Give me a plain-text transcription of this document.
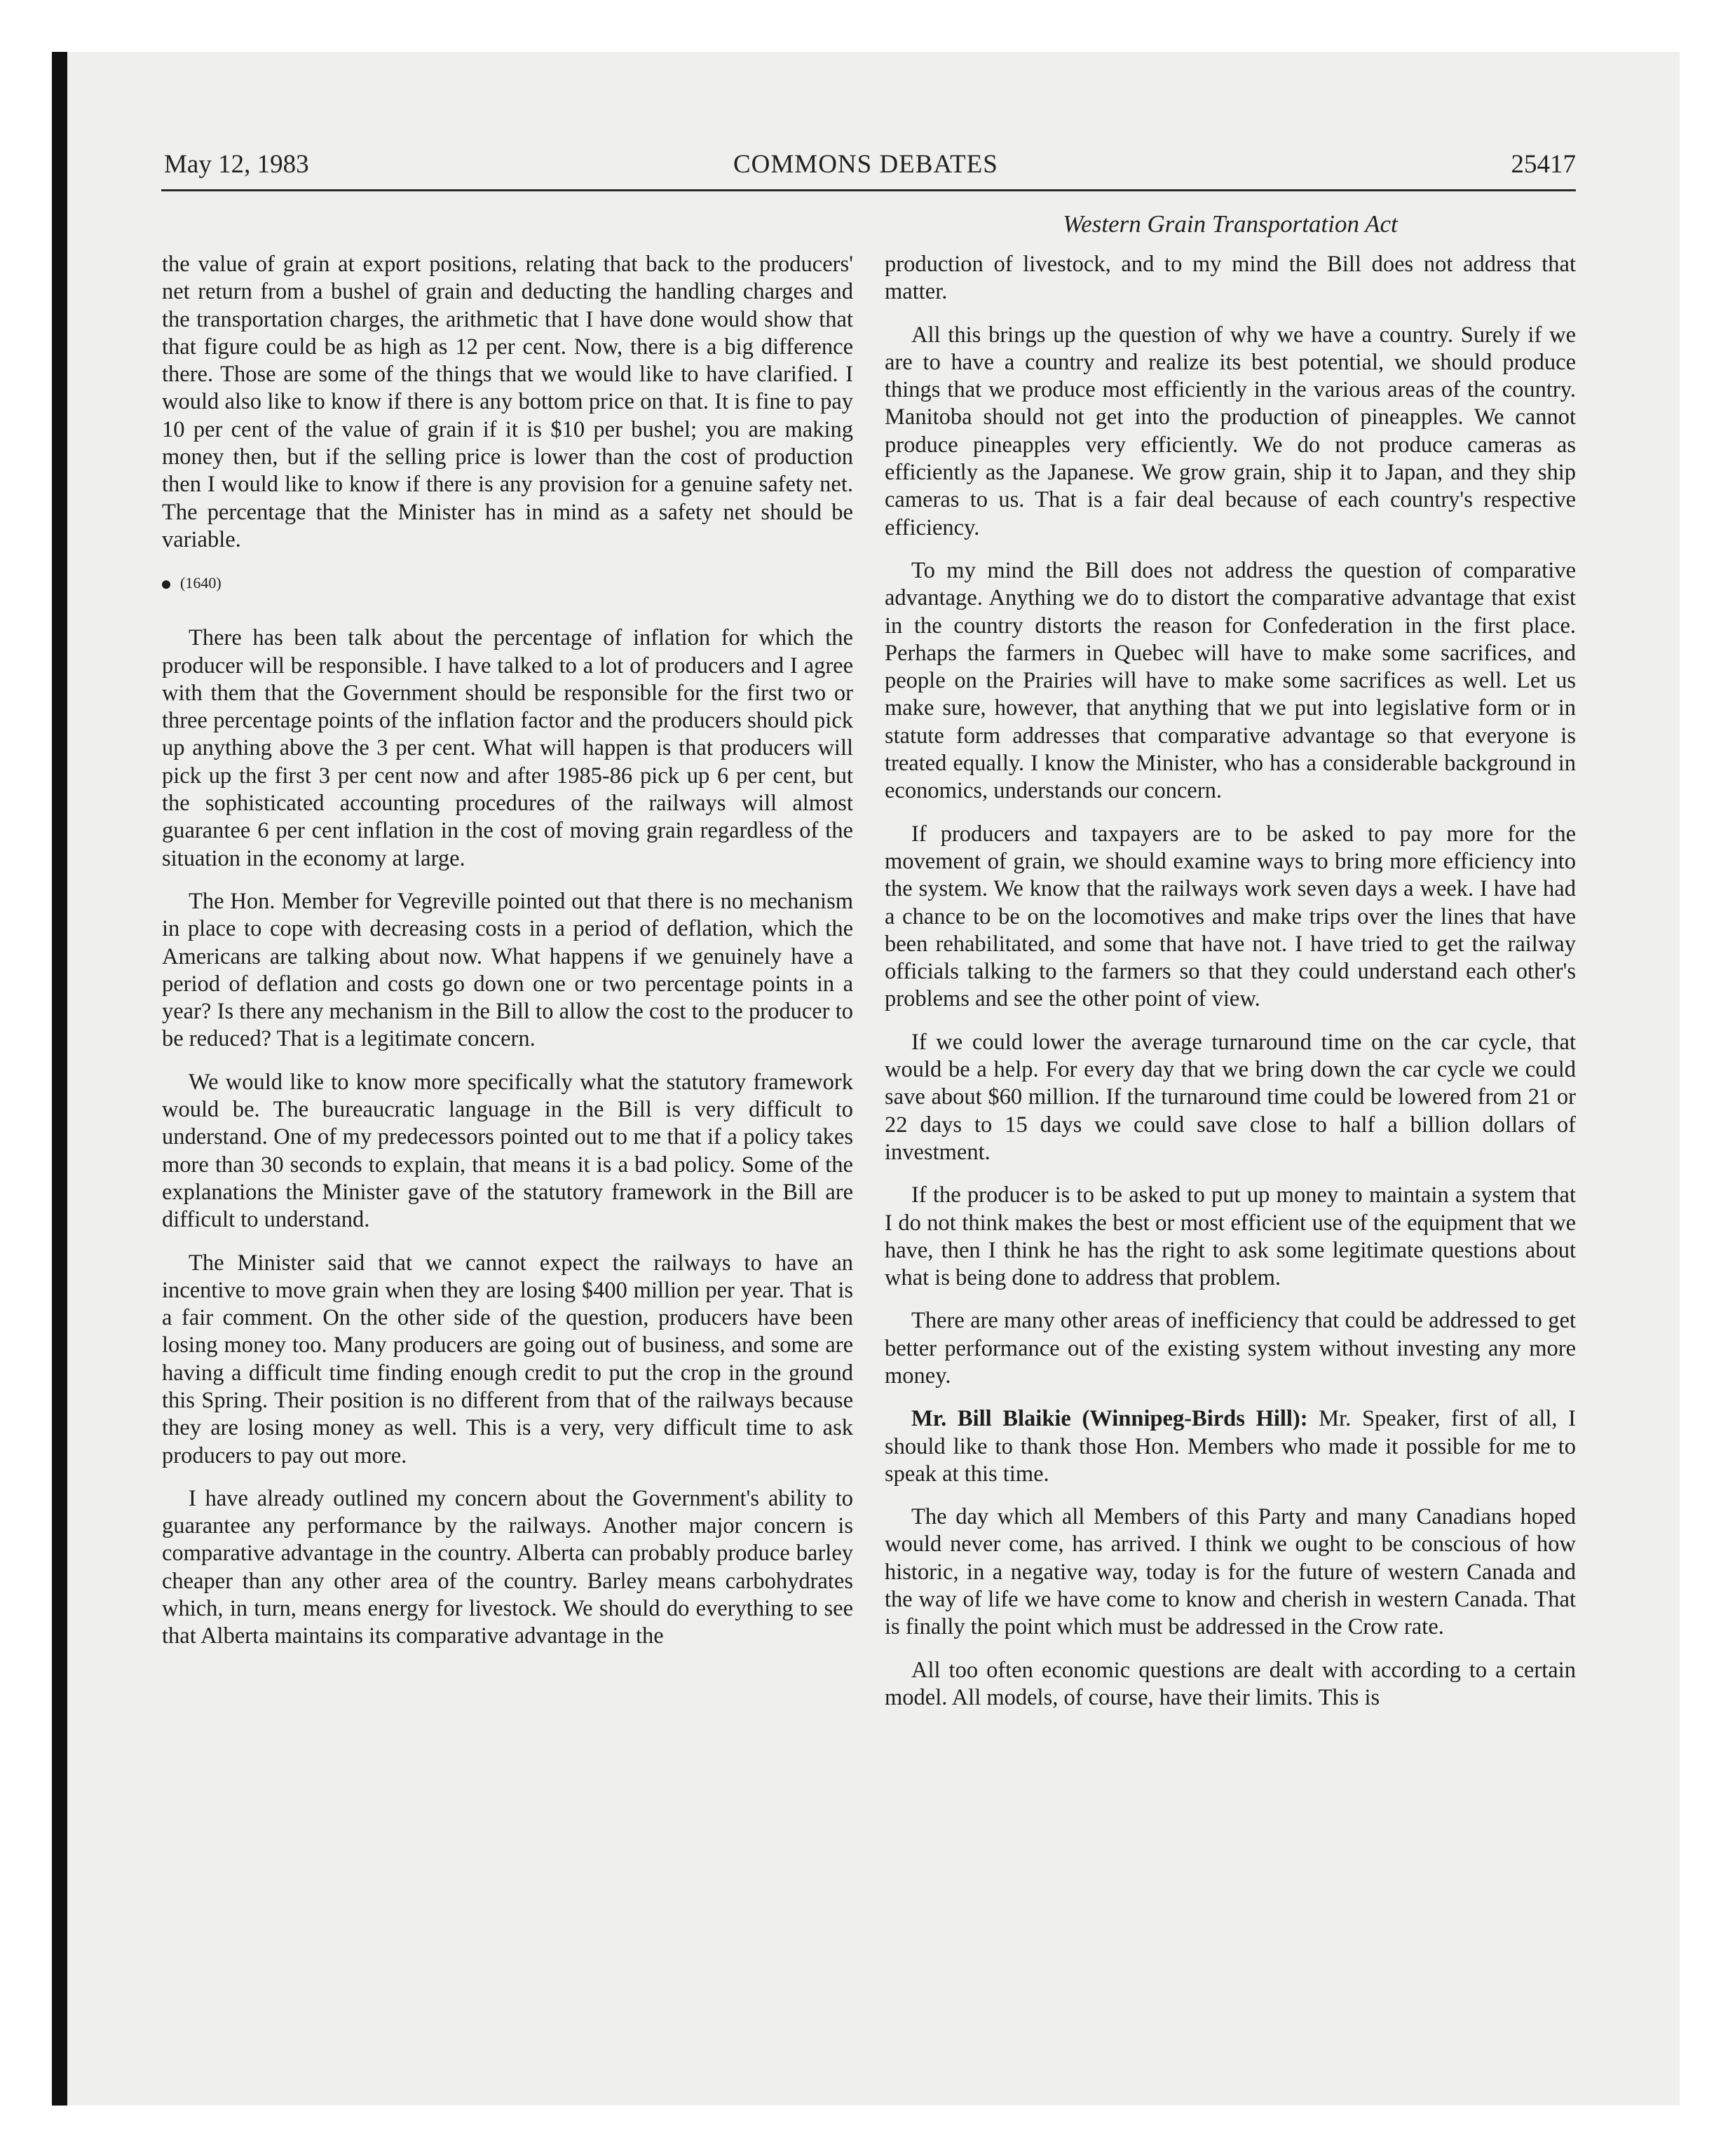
May 12, 1983	COMMONS DEBATES	25417
Western Grain Transportation Act

the value of grain at export positions, relating that back to the producers' net return from a bushel of grain and deducting the handling charges and the transportation charges, the arithmetic that I have done would show that that figure could be as high as 12 per cent. Now, there is a big difference there. Those are some of the things that we would like to have clarified. I would also like to know if there is any bottom price on that. It is fine to pay 10 per cent of the value of grain if it is $10 per bushel; you are making money then, but if the selling price is lower than the cost of production then I would like to know if there is any provision for a genuine safety net. The percentage that the Minister has in mind as a safety net should be variable.

(1640)

There has been talk about the percentage of inflation for which the producer will be responsible. I have talked to a lot of producers and I agree with them that the Government should be responsible for the first two or three percentage points of the inflation factor and the producers should pick up anything above the 3 per cent. What will happen is that producers will pick up the first 3 per cent now and after 1985-86 pick up 6 per cent, but the sophisticated accounting procedures of the railways will almost guarantee 6 per cent inflation in the cost of moving grain regardless of the situation in the economy at large.

The Hon. Member for Vegreville pointed out that there is no mechanism in place to cope with decreasing costs in a period of deflation, which the Americans are talking about now. What happens if we genuinely have a period of deflation and costs go down one or two percentage points in a year? Is there any mechanism in the Bill to allow the cost to the producer to be reduced? That is a legitimate concern.

We would like to know more specifically what the statutory framework would be. The bureaucratic language in the Bill is very difficult to understand. One of my predecessors pointed out to me that if a policy takes more than 30 seconds to explain, that means it is a bad policy. Some of the explanations the Minister gave of the statutory framework in the Bill are difficult to understand.

The Minister said that we cannot expect the railways to have an incentive to move grain when they are losing $400 million per year. That is a fair comment. On the other side of the question, producers have been losing money too. Many producers are going out of business, and some are having a difficult time finding enough credit to put the crop in the ground this Spring. Their position is no different from that of the railways because they are losing money as well. This is a very, very difficult time to ask producers to pay out more.

I have already outlined my concern about the Government's ability to guarantee any performance by the railways. Another major concern is comparative advantage in the country. Alberta can probably produce barley cheaper than any other area of the country. Barley means carbohydrates which, in turn, means energy for livestock. We should do everything to see that Alberta maintains its comparative advantage in the

production of livestock, and to my mind the Bill does not address that matter.

All this brings up the question of why we have a country. Surely if we are to have a country and realize its best potential, we should produce things that we produce most efficiently in the various areas of the country. Manitoba should not get into the production of pineapples. We cannot produce pineapples very efficiently. We do not produce cameras as efficiently as the Japanese. We grow grain, ship it to Japan, and they ship cameras to us. That is a fair deal because of each country's respective efficiency.

To my mind the Bill does not address the question of comparative advantage. Anything we do to distort the comparative advantage that exist in the country distorts the reason for Confederation in the first place. Perhaps the farmers in Quebec will have to make some sacrifices, and people on the Prairies will have to make some sacrifices as well. Let us make sure, however, that anything that we put into legislative form or in statute form addresses that comparative advantage so that everyone is treated equally. I know the Minister, who has a considerable background in economics, understands our concern.

If producers and taxpayers are to be asked to pay more for the movement of grain, we should examine ways to bring more efficiency into the system. We know that the railways work seven days a week. I have had a chance to be on the locomotives and make trips over the lines that have been rehabilitated, and some that have not. I have tried to get the railway officials talking to the farmers so that they could understand each other's problems and see the other point of view.

If we could lower the average turnaround time on the car cycle, that would be a help. For every day that we bring down the car cycle we could save about $60 million. If the turnaround time could be lowered from 21 or 22 days to 15 days we could save close to half a billion dollars of investment.

If the producer is to be asked to put up money to maintain a system that I do not think makes the best or most efficient use of the equipment that we have, then I think he has the right to ask some legitimate questions about what is being done to address that problem.

There are many other areas of inefficiency that could be addressed to get better performance out of the existing system without investing any more money.

Mr. Bill Blaikie (Winnipeg-Birds Hill): Mr. Speaker, first of all, I should like to thank those Hon. Members who made it possible for me to speak at this time.

The day which all Members of this Party and many Canadians hoped would never come, has arrived. I think we ought to be conscious of how historic, in a negative way, today is for the future of western Canada and the way of life we have come to know and cherish in western Canada. That is finally the point which must be addressed in the Crow rate.

All too often economic questions are dealt with according to a certain model. All models, of course, have their limits. This is
